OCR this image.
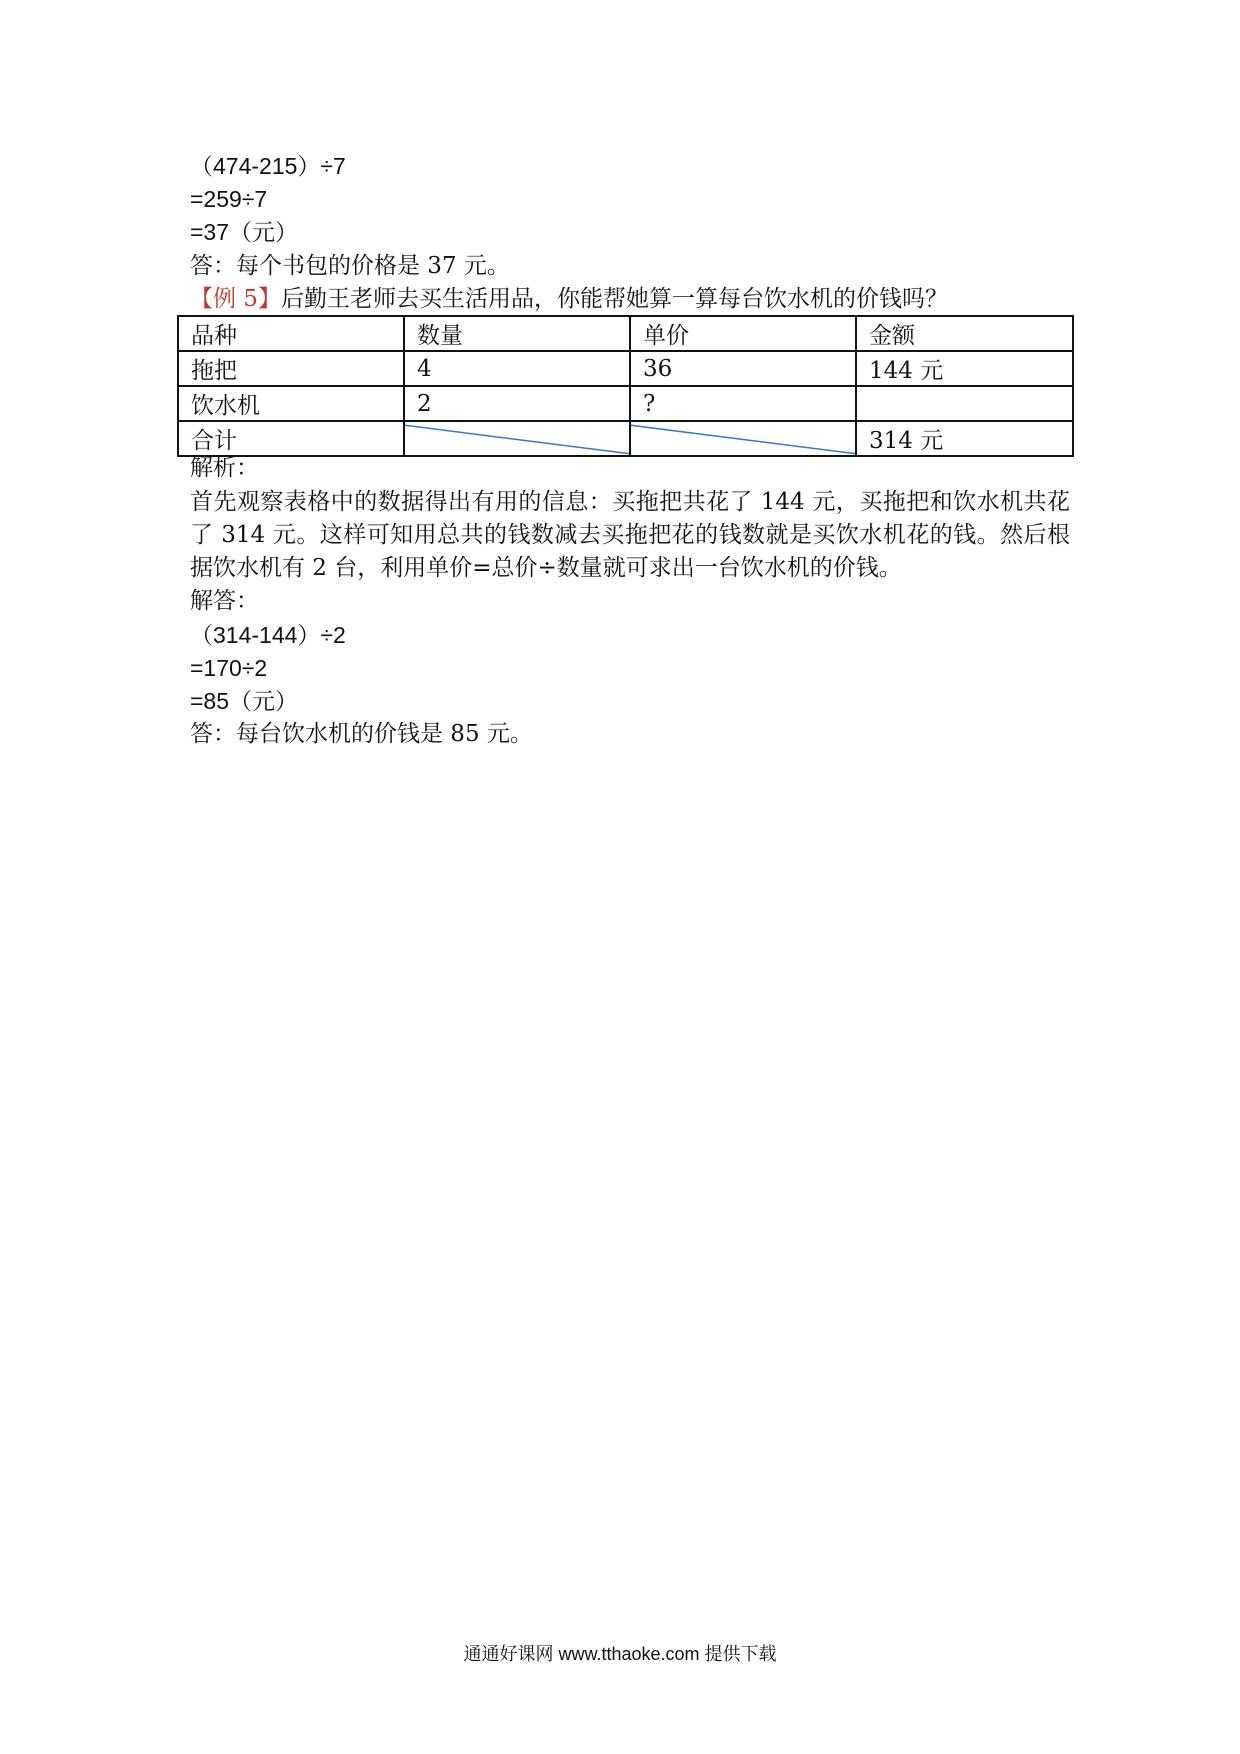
（474-215）÷7
=259÷7
=37（元）
答：每个书包的价格是 37 元。
【例 5】后勤王老师去买生活用品，你能帮她算一算每台饮水机的价钱吗？
品种	数量	单价	金额
拖把	4	36	144 元
饮水机	2	?	
合计			314 元
解析：
首先观察表格中的数据得出有用的信息：买拖把共花了 144 元，买拖把和饮水机共花了 314 元。这样可知用总共的钱数减去买拖把花的钱数就是买饮水机花的钱。然后根据饮水机有 2 台，利用单价=总价÷数量就可求出一台饮水机的价钱。
解答：
（314-144）÷2
=170÷2
=85（元）
答：每台饮水机的价钱是 85 元。
通通好课网 www.tthaoke.com 提供下载
